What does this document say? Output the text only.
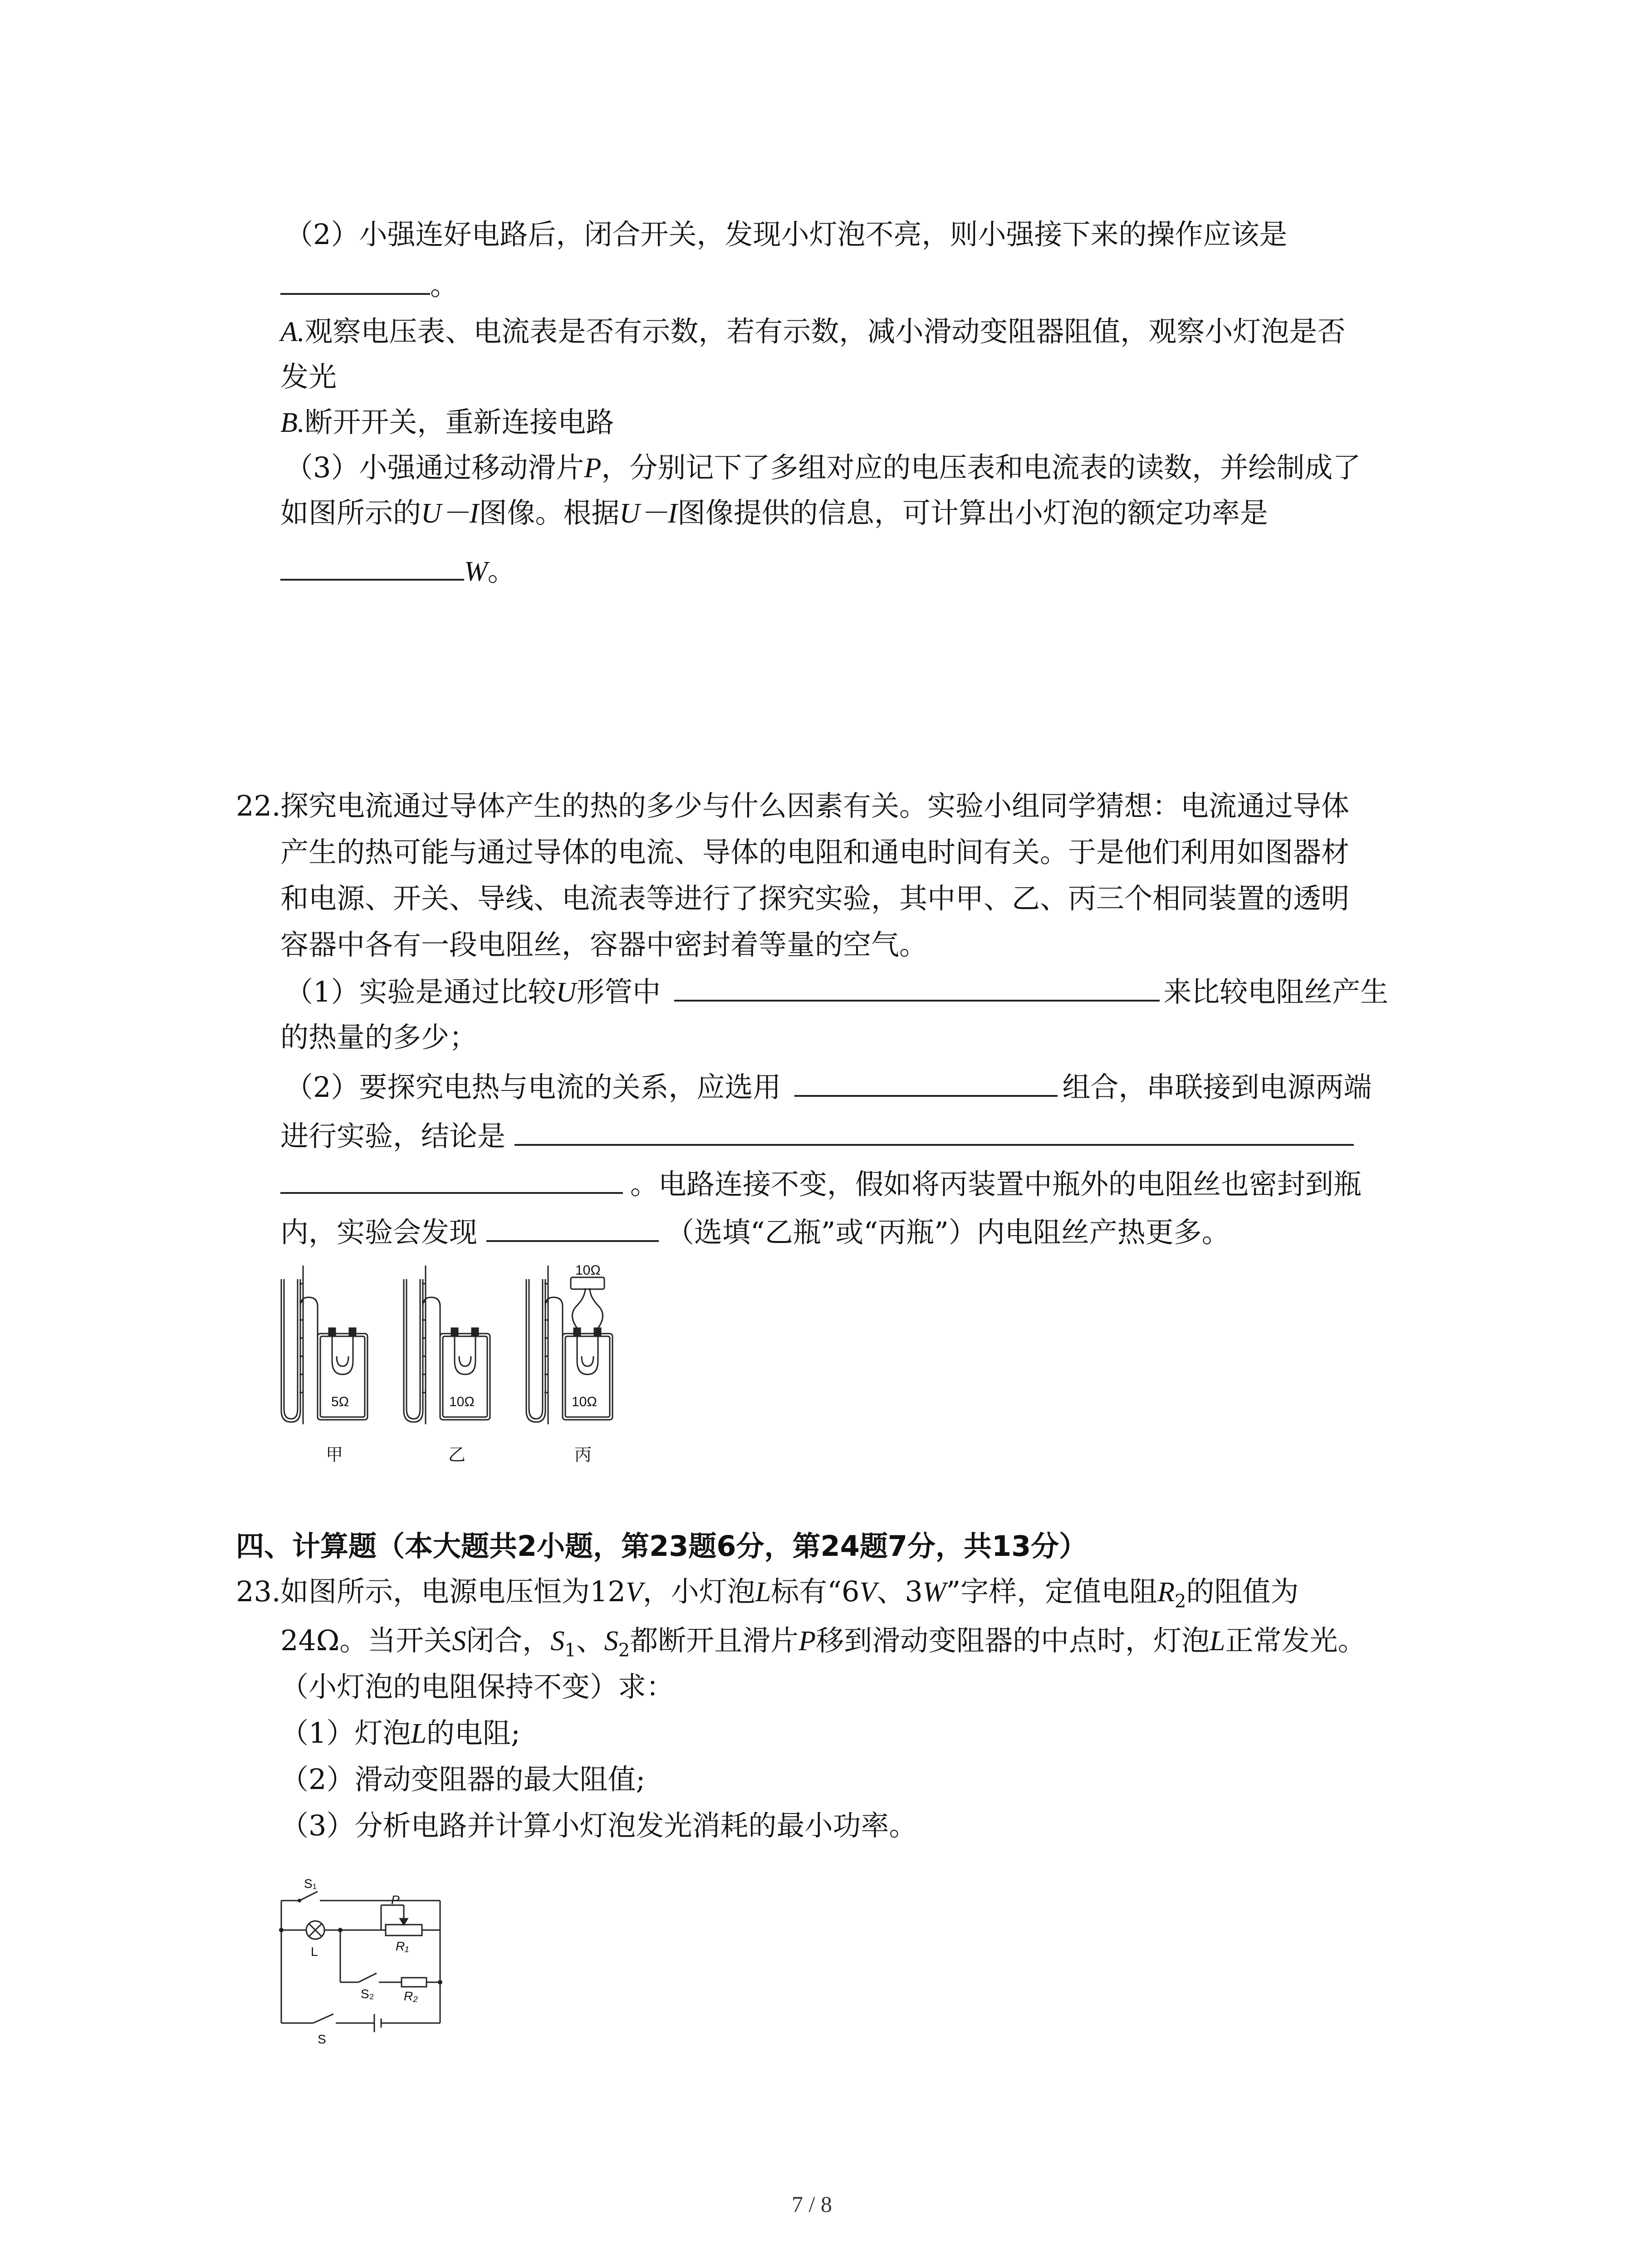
（2）小强连好电路后，闭合开关，发现小灯泡不亮，则小强接下来的操作应该是
。
A.观察电压表、电流表是否有示数，若有示数，减小滑动变阻器阻值，观察小灯泡是否
发光
B.断开开关，重新连接电路
（3）小强通过移动滑片P，分别记下了多组对应的电压表和电流表的读数，并绘制成了
如图所示的U－I图像。根据U－I图像提供的信息，可计算出小灯泡的额定功率是
W。
22.探究电流通过导体产生的热的多少与什么因素有关。实验小组同学猜想：电流通过导体
产生的热可能与通过导体的电流、导体的电阻和通电时间有关。于是他们利用如图器材
和电源、开关、导线、电流表等进行了探究实验，其中甲、乙、丙三个相同装置的透明
容器中各有一段电阻丝，容器中密封着等量的空气。
（1）实验是通过比较U形管中	来比较电阻丝产生
的热量的多少；
（2）要探究电热与电流的关系，应选用	组合，串联接到电源两端
进行实验，结论是
。电路连接不变，假如将丙装置中瓶外的电阻丝也密封到瓶
内，实验会发现	（选填“乙瓶”或“丙瓶”）内电阻丝产热更多。
5Ω	10Ω	10Ω
10Ω
甲	乙	丙
四、计算题（本大题共2小题，第23题6分，第24题7分，共13分）
23.如图所示，电源电压恒为12V，小灯泡L标有“6V、3W”字样，定值电阻$R_2$的阻值为
24Ω。当开关S闭合，$S_1$、$S_2$都断开且滑片P移到滑动变阻器的中点时，灯泡L正常发光。
（小灯泡的电阻保持不变）求：
（1）灯泡L的电阻;
（2）滑动变阻器的最大阻值;
（3）分析电路并计算小灯泡发光消耗的最小功率。
S₁
L
P
R₁
S₂ R₂
S
7 / 8
